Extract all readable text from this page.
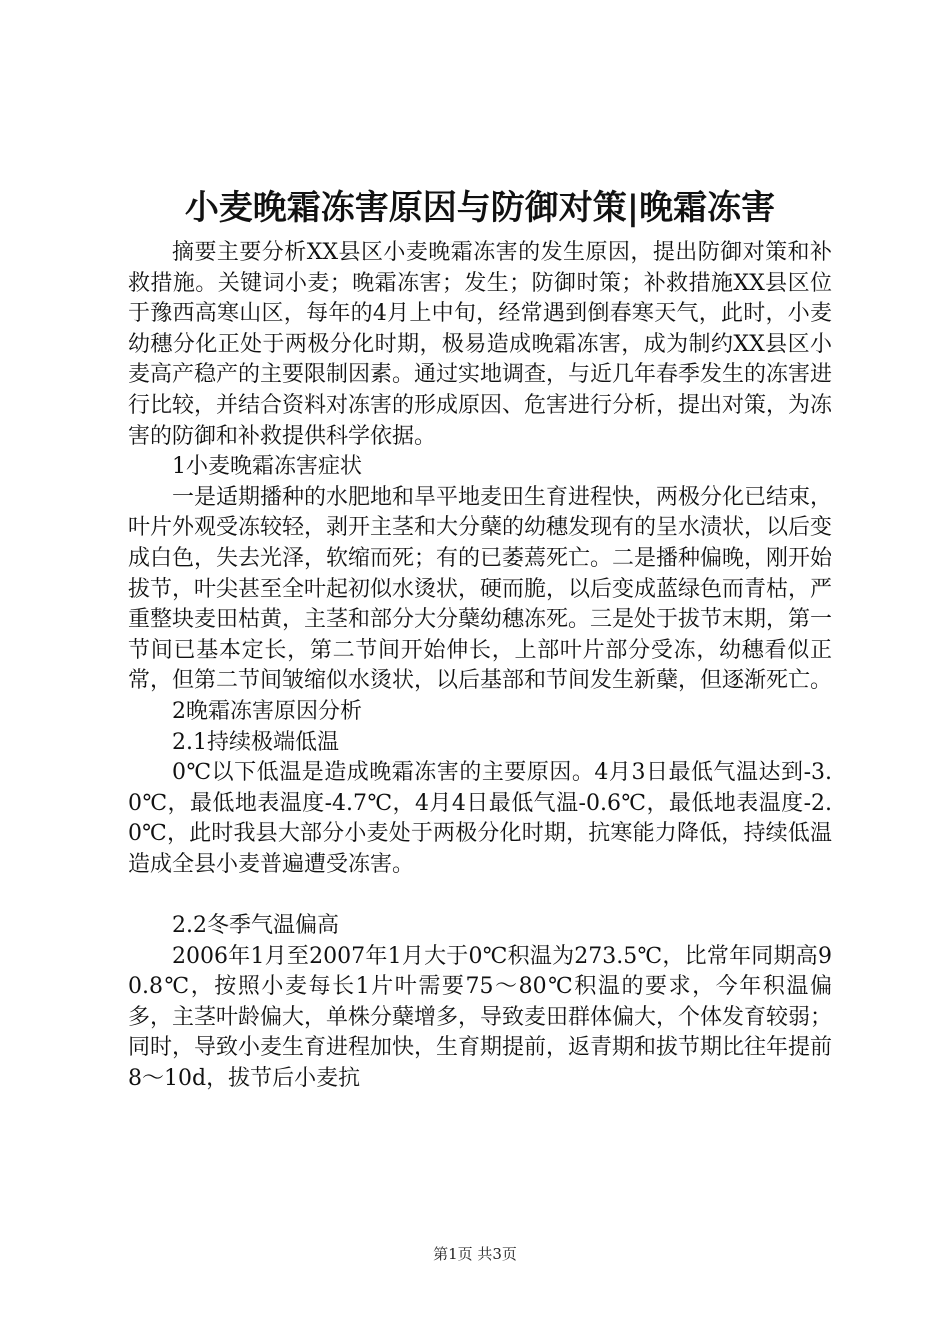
小麦晚霜冻害原因与防御对策|晚霜冻害

摘要主要分析XX县区小麦晚霜冻害的发生原因，提出防御对策和补救措施。关键词小麦；晚霜冻害；发生；防御时策；补救措施XX县区位于豫西高寒山区，每年的4月上中旬，经常遇到倒春寒天气，此时，小麦幼穗分化正处于两极分化时期，极易造成晚霜冻害，成为制约XX县区小麦高产稳产的主要限制因素。通过实地调查，与近几年春季发生的冻害进行比较，并结合资料对冻害的形成原因、危害进行分析，提出对策，为冻害的防御和补救提供科学依据。

1小麦晚霜冻害症状

一是适期播种的水肥地和旱平地麦田生育进程快，两极分化已结束，叶片外观受冻较轻，剥开主茎和大分蘖的幼穗发现有的呈水渍状，以后变成白色，失去光泽，软缩而死；有的已萎蔫死亡。二是播种偏晚，刚开始拔节，叶尖甚至全叶起初似水烫状，硬而脆，以后变成蓝绿色而青枯，严重整块麦田枯黄，主茎和部分大分蘖幼穗冻死。三是处于拔节末期，第一节间已基本定长，第二节间开始伸长，上部叶片部分受冻，幼穗看似正常，但第二节间皱缩似水烫状，以后基部和节间发生新蘖，但逐渐死亡。

2晚霜冻害原因分析

2.1持续极端低温

0℃以下低温是造成晚霜冻害的主要原因。4月3日最低气温达到-3.0℃，最低地表温度-4.7℃，4月4日最低气温-0.6℃，最低地表温度-2.0℃，此时我县大部分小麦处于两极分化时期，抗寒能力降低，持续低温造成全县小麦普遍遭受冻害。

2.2冬季气温偏高

2006年1月至2007年1月大于0℃积温为273.5℃，比常年同期高90.8℃，按照小麦每长1片叶需要75～80℃积温的要求，今年积温偏多，主茎叶龄偏大，单株分蘖增多，导致麦田群体偏大，个体发育较弱；同时，导致小麦生育进程加快，生育期提前，返青期和拔节期比往年提前8～10d，拔节后小麦抗

第1页 共3页
